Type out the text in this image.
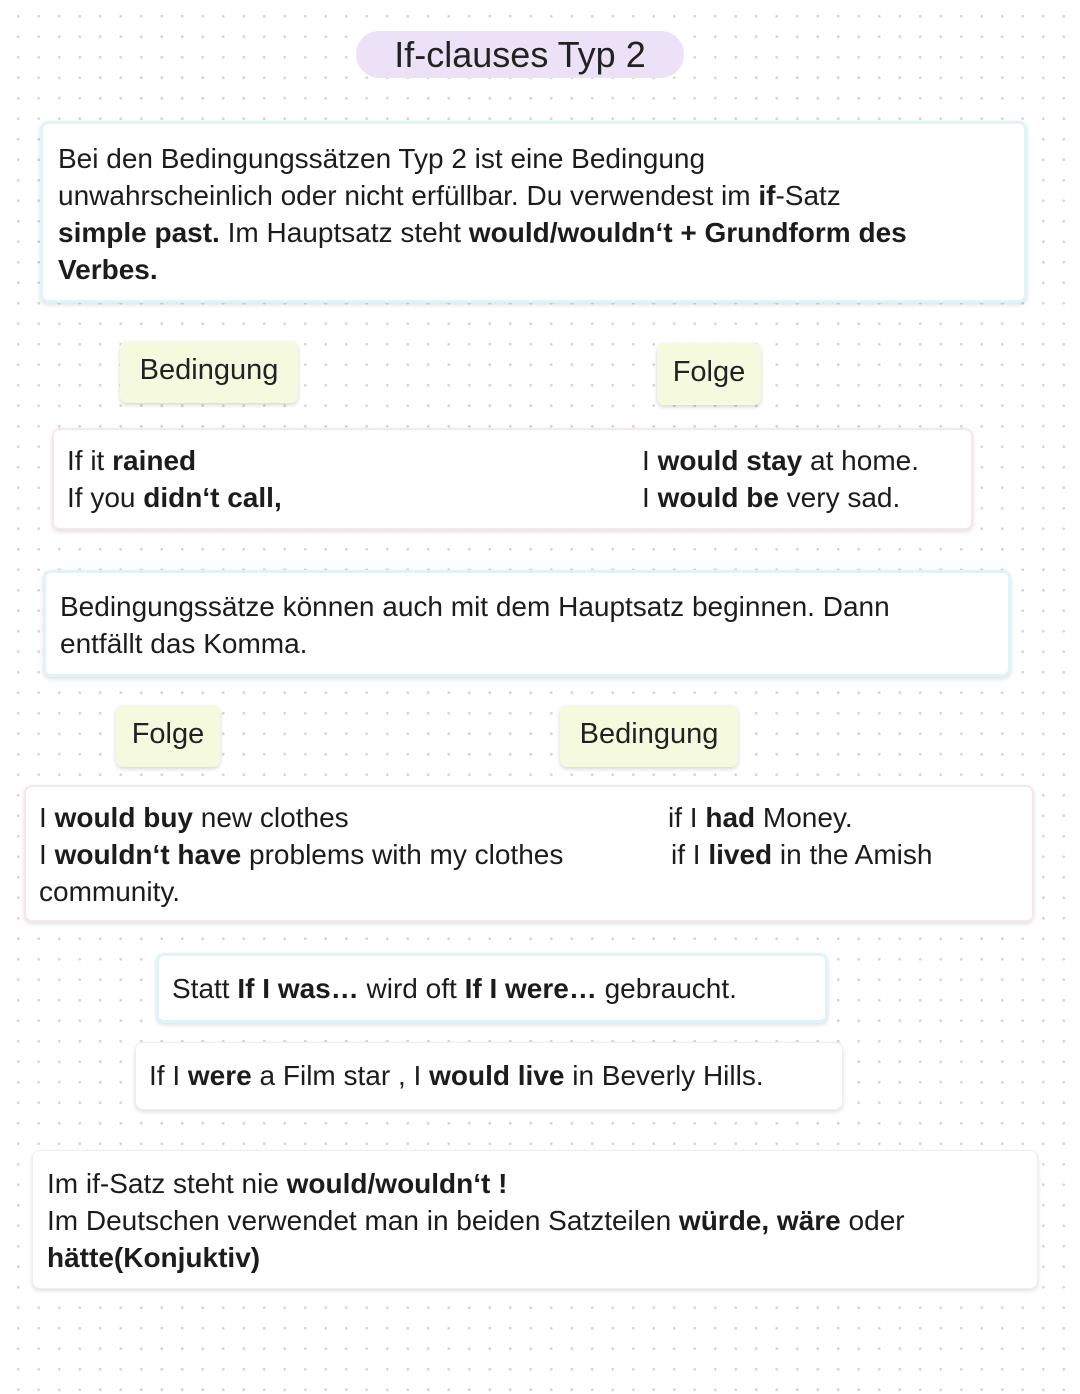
If-clauses Typ 2
Bei den Bedingungssätzen Typ 2 ist eine Bedingung
unwahrscheinlich oder nicht erfüllbar. Du verwendest im if-Satz
simple past. Im Hauptsatz steht would/wouldn‘t + Grundform des
Verbes.
Bedingung	Folge
If it rained	I would stay at home.
If you didn‘t call,	I would be very sad.
Bedingungssätze können auch mit dem Hauptsatz beginnen. Dann
entfällt das Komma.
Folge	Bedingung
I would buy new clothes	if I had Money.
I wouldn‘t have problems with my clothes	if I lived in the Amish
community.
Statt If I was… wird oft If I were… gebraucht.
If I were a Film star , I would live in Beverly Hills.
Im if-Satz steht nie would/wouldn‘t !
Im Deutschen verwendet man in beiden Satzteilen würde, wäre oder
hätte(Konjuktiv)
